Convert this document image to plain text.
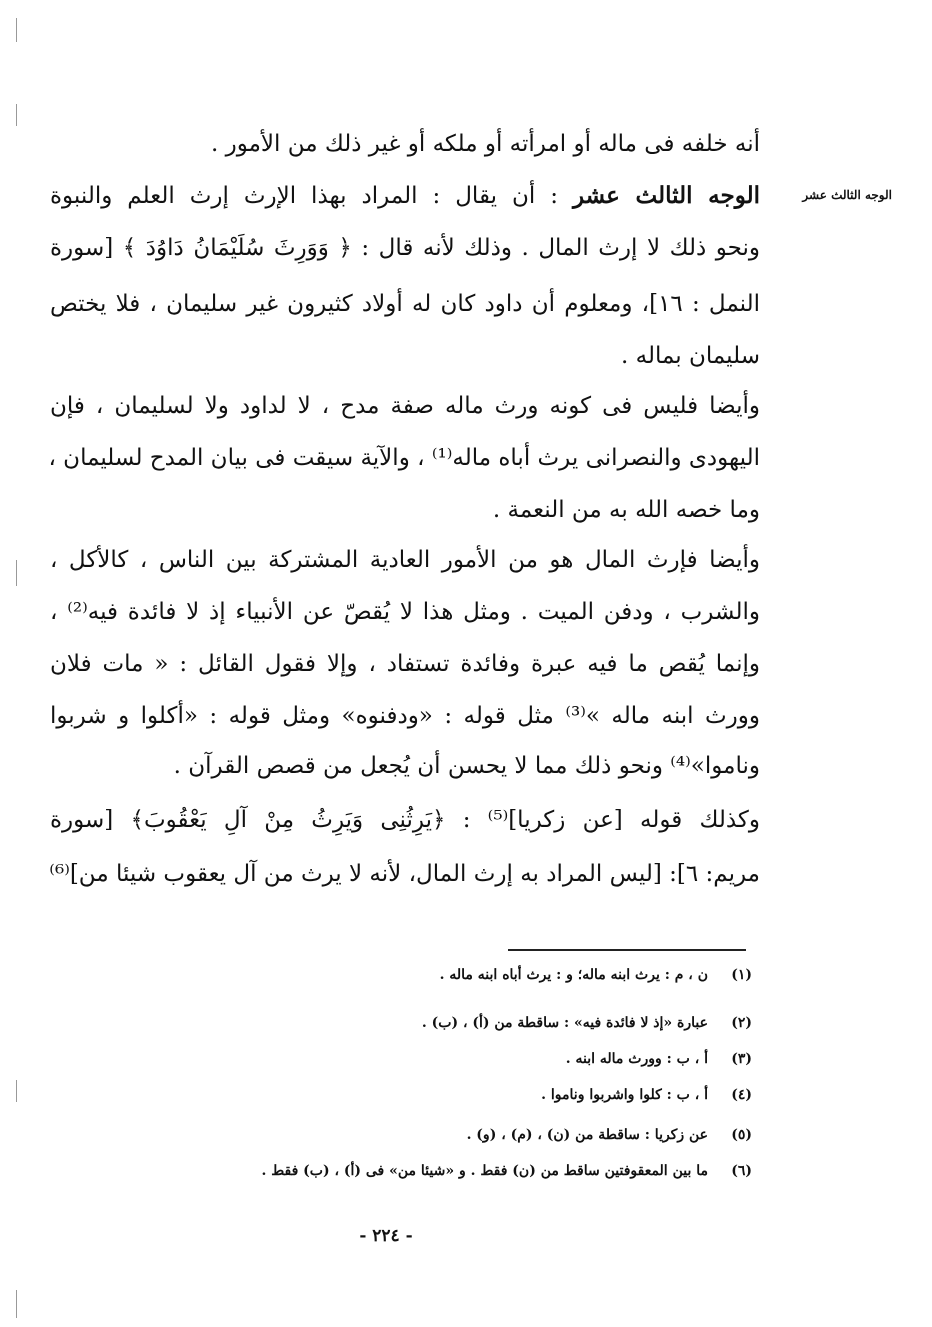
الوجه الثالث عشر
أنه خلفه فى ماله أو امرأته أو ملكه أو غير ذلك من الأمور .
الوجه الثالث عشر : أن يقال : المراد بهذا الإرث إرث العلم والنبوة
ونحو ذلك لا إرث المال . وذلك لأنه قال : ﴿ وَوَرِثَ سُلَيْمَانُ دَاوُدَ ﴾ [سورة
النمل : ١٦]، ومعلوم أن داود كان له أولاد كثيرون غير سليمان ، فلا يختص
سليمان بماله .
وأيضا فليس فى كونه ورث ماله صفة مدح ، لا لداود ولا لسليمان ، فإن
اليهودى والنصرانى يرث أباه ماله⁽¹⁾ ، والآية سيقت فى بيان المدح لسليمان ،
وما خصه الله به من النعمة .
وأيضا فإرث المال هو من الأمور العادية المشتركة بين الناس ، كالأكل ،
والشرب ، ودفن الميت . ومثل هذا لا يُقصّ عن الأنبياء إذ لا فائدة فيه⁽²⁾ ،
وإنما يُقص ما فيه عبرة وفائدة تستفاد ، وإلا فقول القائل : « مات فلان
وورث ابنه ماله »⁽³⁾ مثل قوله : «ودفنوه» ومثل قوله : «أكلوا و شربوا
وناموا»⁽⁴⁾ ونحو ذلك مما لا يحسن أن يُجعل من قصص القرآن .
وكذلك قوله [عن زكريا]⁽⁵⁾ : ﴿يَرِثُنِى وَيَرِثُ مِنْ آلِ يَعْقُوبَ﴾ [سورة
مريم: ٦]: [ليس المراد به إرث المال، لأنه لا يرث من آل يعقوب شيئا من]⁽⁶⁾
(١)ن ، م : يرث ابنه ماله؛ و : يرث أباه ابنه ماله .
(٢)عبارة «إذ لا فائدة فيه» : ساقطة من (أ) ، (ب) .
(٣)أ ، ب : وورث ماله ابنه .
(٤)أ ، ب : كلوا واشربوا وناموا .
(٥)عن زكريا : ساقطة من (ن) ، (م) ، (و) .
(٦)ما بين المعقوفتين ساقط من (ن) فقط . و «شيئا من» فى (أ) ، (ب) فقط .
- ٢٢٤ -
